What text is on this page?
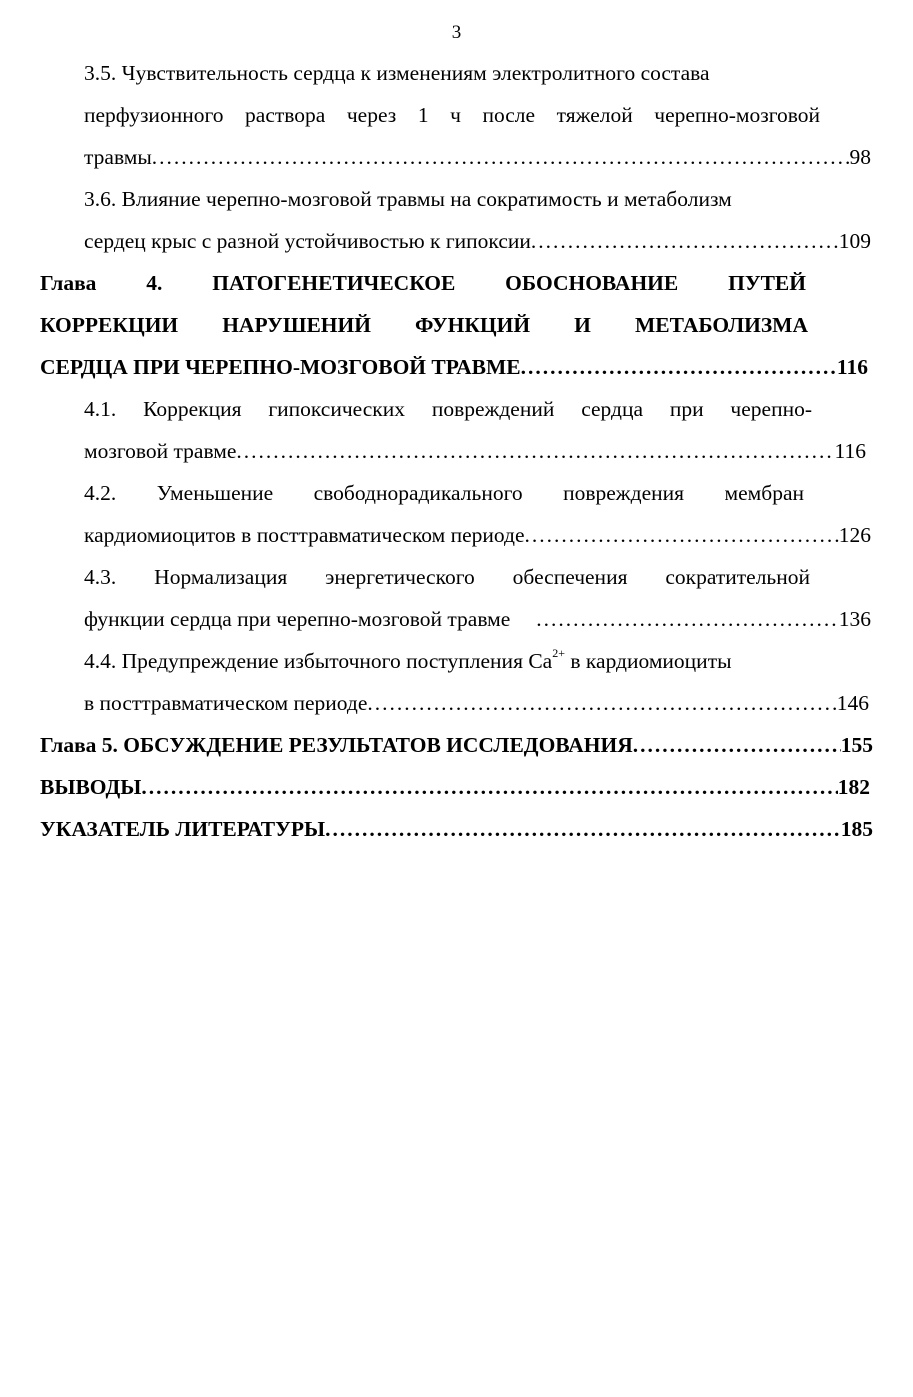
3
3.5. Чувствительность сердца к изменениям электролитного состава
перфузионного раствора через 1 ч после тяжелой черепно-мозговой
травмы .....	98
3.6. Влияние черепно-мозговой травмы на сократимость и метаболизм
сердец крыс с разной устойчивостью к гипоксии .....	109
Глава 4. ПАТОГЕНЕТИЧЕСКОЕ ОБОСНОВАНИЕ ПУТЕЙ
КОРРЕКЦИИ НАРУШЕНИЙ ФУНКЦИЙ И МЕТАБОЛИЗМА
СЕРДЦА ПРИ ЧЕРЕПНО-МОЗГОВОЙ ТРАВМЕ .....	116
4.1. Коррекция гипоксических повреждений сердца при черепно-
мозговой травме .....	116
4.2. Уменьшение свободнорадикального повреждения мембран
кардиомиоцитов в посттравматическом периоде .....	126
4.3. Нормализация энергетического обеспечения сократительной
функции сердца при черепно-мозговой травме .....	136
4.4. Предупреждение избыточного поступления $Ca^{2+}$ в кардиомиоциты
в посттравматическом периоде .....	146
Глава 5. ОБСУЖДЕНИЕ РЕЗУЛЬТАТОВ ИССЛЕДОВАНИЯ .....	155
ВЫВОДЫ .....	182
УКАЗАТЕЛЬ ЛИТЕРАТУРЫ .....	185
